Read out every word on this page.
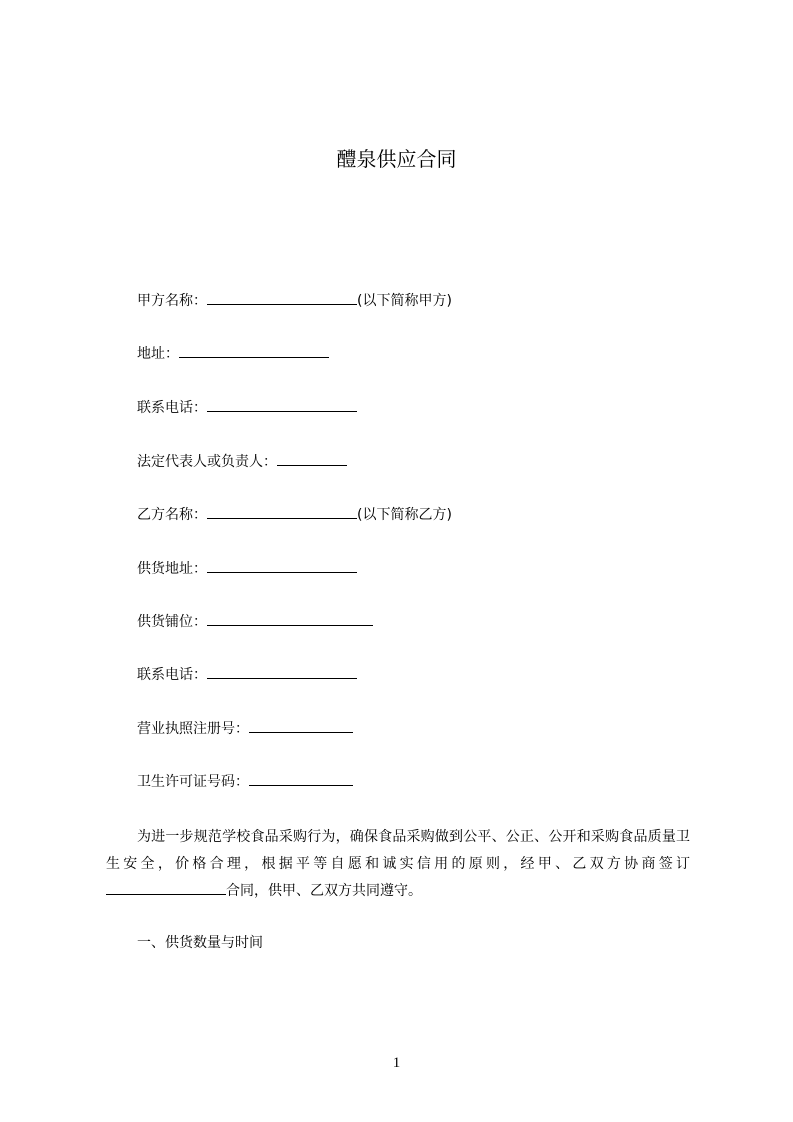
醴泉供应合同
甲方名称：	(以下简称甲方)
地址：
联系电话：
法定代表人或负责人：
乙方名称：	(以下简称乙方)
供货地址：
供货铺位：
联系电话：
营业执照注册号：
卫生许可证号码：
为进一步规范学校食品采购行为，确保食品采购做到公平、公正、公开和采购食品质量卫生安全，价格合理，根据平等自愿和诚实信用的原则，经甲、乙双方协商签订合同，供甲、乙双方共同遵守。
一、供货数量与时间
1
